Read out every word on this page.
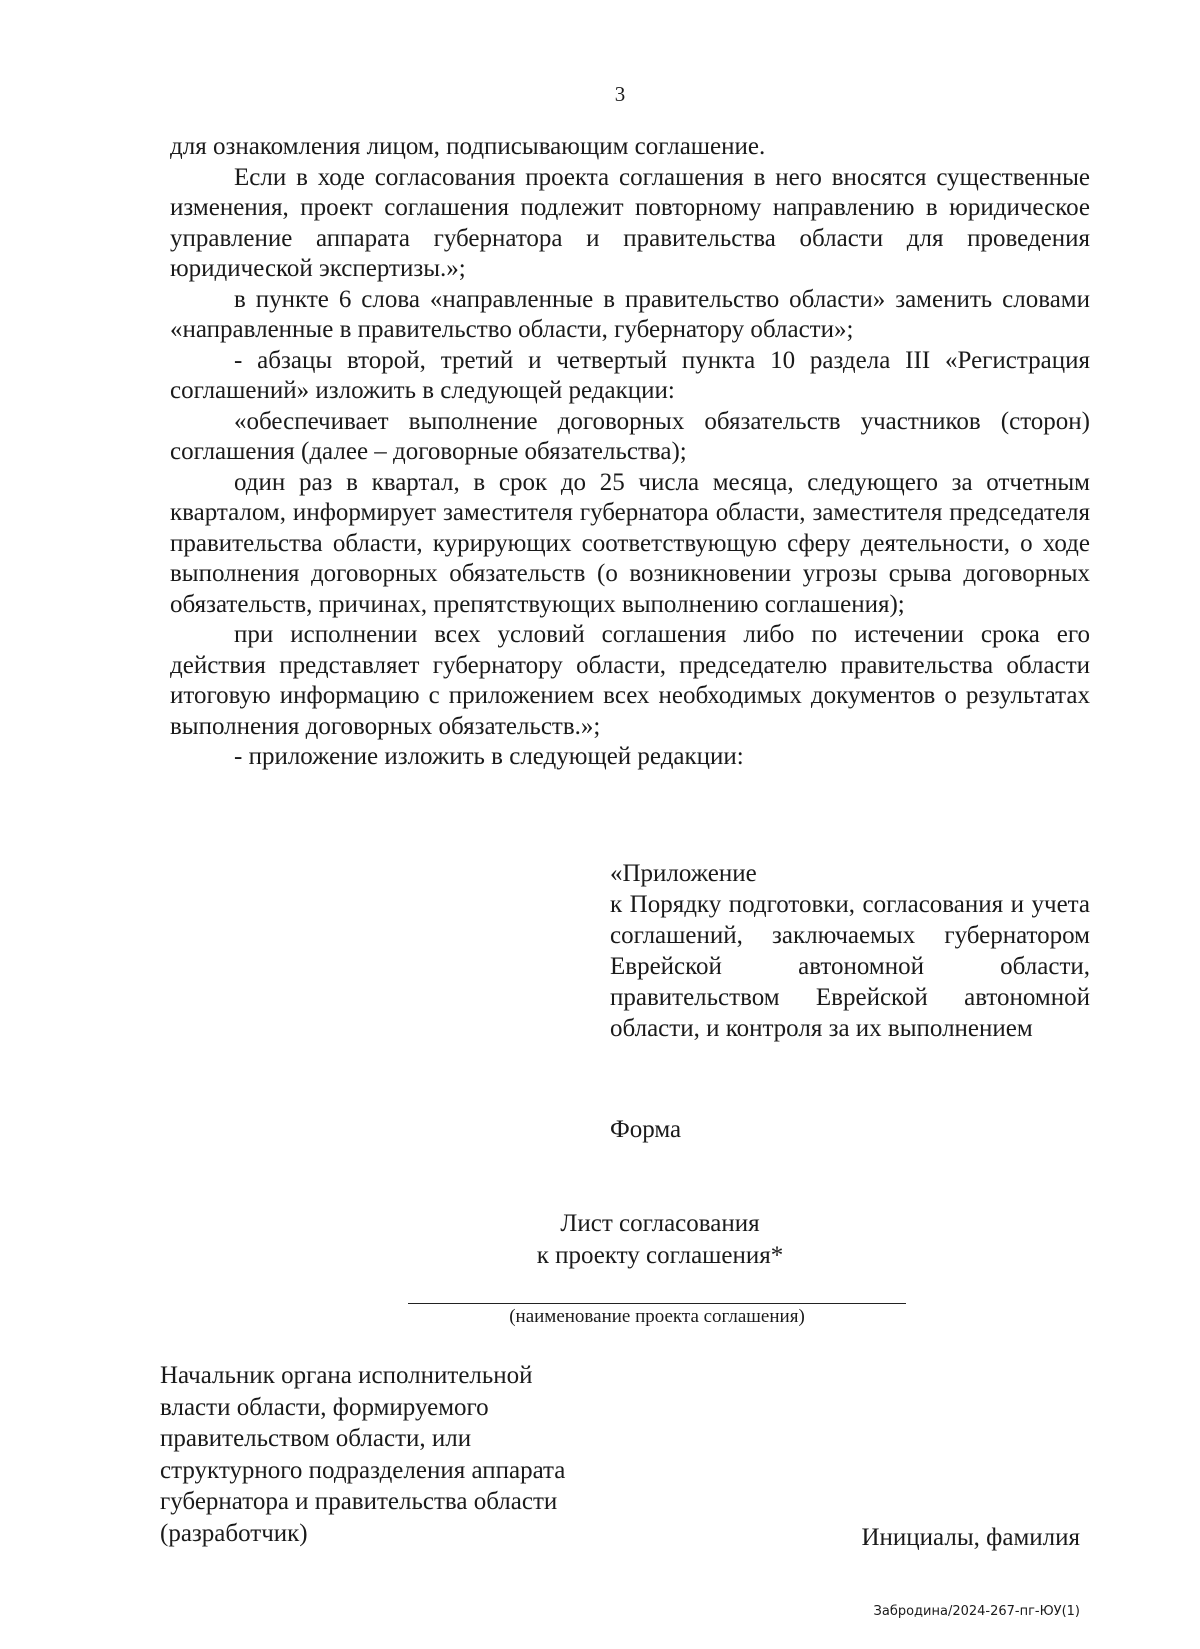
3

для ознакомления лицом, подписывающим соглашение.

Если в ходе согласования проекта соглашения в него вносятся существенные изменения, проект соглашения подлежит повторному направлению в юридическое управление аппарата губернатора и правительства области для проведения юридической экспертизы.»;

в пункте 6 слова «направленные в правительство области» заменить словами «направленные в правительство области, губернатору области»;

- абзацы второй, третий и четвертый пункта 10 раздела III «Регистрация соглашений» изложить в следующей редакции:

«обеспечивает выполнение договорных обязательств участников (сторон) соглашения (далее – договорные обязательства);

один раз в квартал, в срок до 25 числа месяца, следующего за отчетным кварталом, информирует заместителя губернатора области, заместителя председателя правительства области, курирующих соответствующую сферу деятельности, о ходе выполнения договорных обязательств (о возникновении угрозы срыва договорных обязательств, причинах, препятствующих выполнению соглашения);

при исполнении всех условий соглашения либо по истечении срока его действия представляет губернатору области, председателю правительства области итоговую информацию с приложением всех необходимых документов о результатах выполнения договорных обязательств.»;

- приложение изложить в следующей редакции:

«Приложение

к Порядку подготовки, согласования и учета соглашений, заключаемых губернатором Еврейской автономной области, правительством Еврейской автономной области, и контроля за их выполнением

Форма

Лист согласования

к проекту соглашения*

(наименование проекта соглашения)

Начальник органа исполнительной

власти области, формируемого

правительством области, или

структурного подразделения аппарата

губернатора и правительства области

(разработчик)	Инициалы, фамилия
Забродина/2024-267-пг-ЮУ(1)
